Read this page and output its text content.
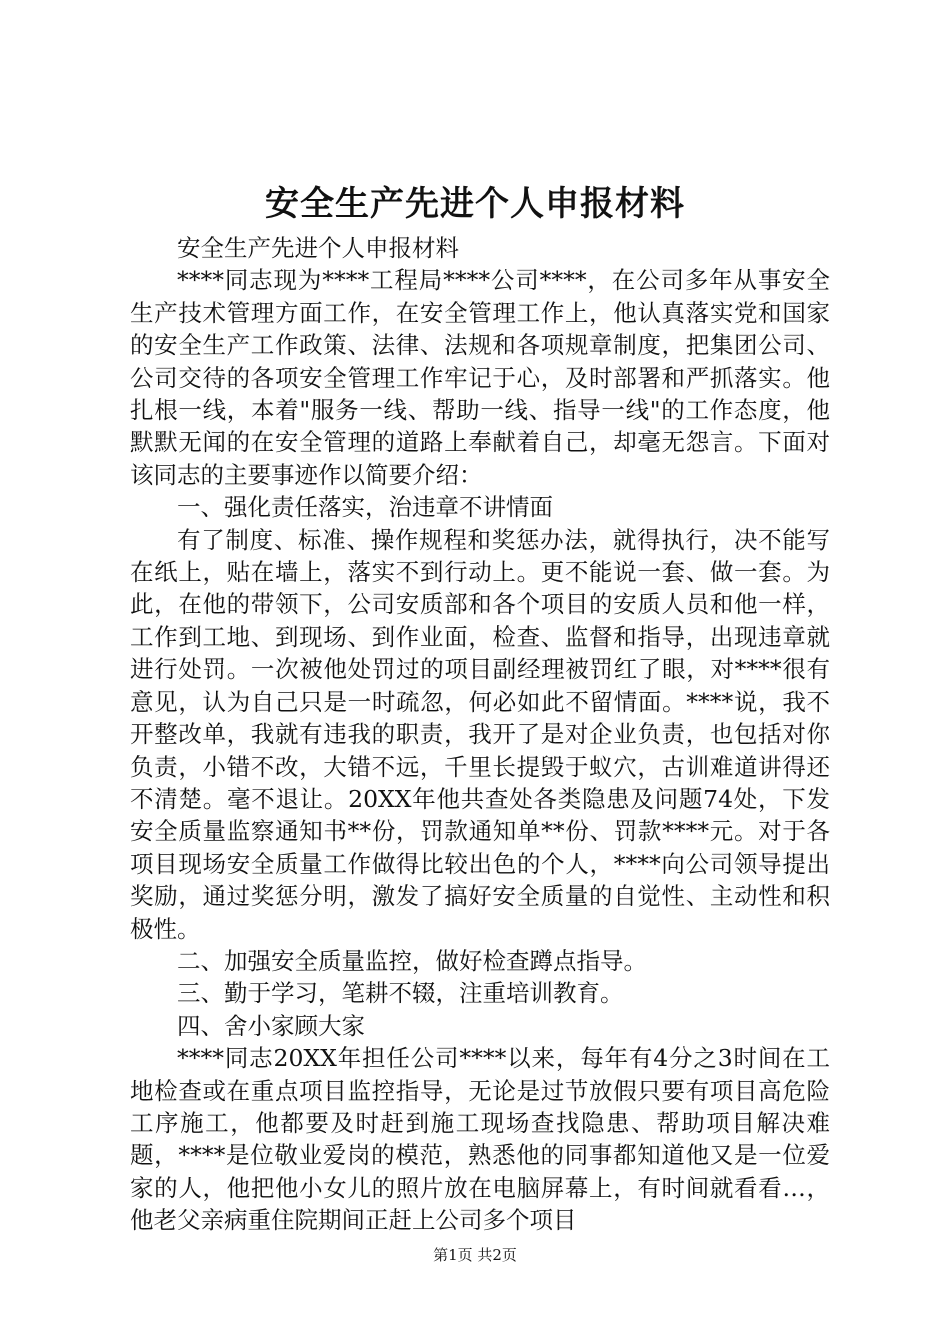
安全生产先进个人申报材料

安全生产先进个人申报材料

****同志现为****工程局****公司****，在公司多年从事安全生产技术管理方面工作，在安全管理工作上，他认真落实党和国家的安全生产工作政策、法律、法规和各项规章制度，把集团公司、公司交待的各项安全管理工作牢记于心，及时部署和严抓落实。他扎根一线，本着"服务一线、帮助一线、指导一线"的工作态度，他默默无闻的在安全管理的道路上奉献着自己，却毫无怨言。下面对该同志的主要事迹作以简要介绍：

一、强化责任落实，治违章不讲情面

有了制度、标准、操作规程和奖惩办法，就得执行，决不能写在纸上，贴在墙上，落实不到行动上。更不能说一套、做一套。为此，在他的带领下，公司安质部和各个项目的安质人员和他一样，工作到工地、到现场、到作业面，检查、监督和指导，出现违章就进行处罚。一次被他处罚过的项目副经理被罚红了眼，对****很有意见，认为自己只是一时疏忽，何必如此不留情面。****说，我不开整改单，我就有违我的职责，我开了是对企业负责，也包括对你负责，小错不改，大错不远，千里长提毁于蚁穴，古训难道讲得还不清楚。毫不退让。20XX年他共查处各类隐患及问题74处，下发安全质量监察通知书**份，罚款通知单**份、罚款****元。对于各项目现场安全质量工作做得比较出色的个人，****向公司领导提出奖励，通过奖惩分明，激发了搞好安全质量的自觉性、主动性和积极性。

二、加强安全质量监控，做好检查蹲点指导。

三、勤于学习，笔耕不辍，注重培训教育。

四、舍小家顾大家

****同志20XX年担任公司****以来，每年有4分之3时间在工地检查或在重点项目监控指导，无论是过节放假只要有项目高危险工序施工，他都要及时赶到施工现场查找隐患、帮助项目解决难题，****是位敬业爱岗的模范，熟悉他的同事都知道他又是一位爱家的人，他把他小女儿的照片放在电脑屏幕上，有时间就看看…，他老父亲病重住院期间正赶上公司多个项目

第1页 共2页
